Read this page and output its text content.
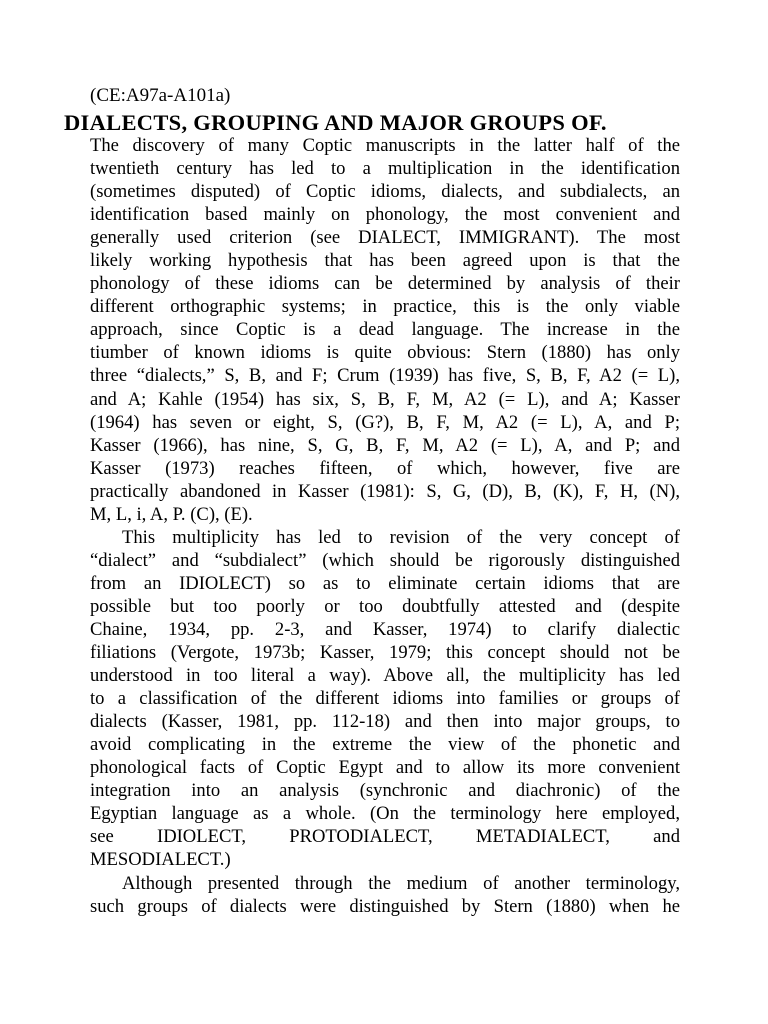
(CE:A97a-A101a)
DIALECTS, GROUPING AND MAJOR GROUPS OF.
The discovery of many Coptic manuscripts in the latter half of the
twentieth century has led to a multiplication in the identification
(sometimes disputed) of Coptic idioms, dialects, and subdialects, an
identification based mainly on phonology, the most convenient and
generally used criterion (see DIALECT, IMMIGRANT). The most
likely working hypothesis that has been agreed upon is that the
phonology of these idioms can be determined by analysis of their
different orthographic systems; in practice, this is the only viable
approach, since Coptic is a dead language. The increase in the
tiumber of known idioms is quite obvious: Stern (1880) has only
three “dialects,” S, B, and F; Crum (1939) has five, S, B, F, A2 (= L),
and A; Kahle (1954) has six, S, B, F, M, A2 (= L), and A; Kasser
(1964) has seven or eight, S, (G?), B, F, M, A2 (= L), A, and P;
Kasser (1966), has nine, S, G, B, F, M, A2 (= L), A, and P; and
Kasser (1973) reaches fifteen, of which, however, five are
practically abandoned in Kasser (1981): S, G, (D), B, (K), F, H, (N),
M, L, i, A, P. (C), (E).
This multiplicity has led to revision of the very concept of
“dialect” and “subdialect” (which should be rigorously distinguished
from an IDIOLECT) so as to eliminate certain idioms that are
possible but too poorly or too doubtfully attested and (despite
Chaine, 1934, pp. 2-3, and Kasser, 1974) to clarify dialectic
filiations (Vergote, 1973b; Kasser, 1979; this concept should not be
understood in too literal a way). Above all, the multiplicity has led
to a classification of the different idioms into families or groups of
dialects (Kasser, 1981, pp. 112-18) and then into major groups, to
avoid complicating in the extreme the view of the phonetic and
phonological facts of Coptic Egypt and to allow its more convenient
integration into an analysis (synchronic and diachronic) of the
Egyptian language as a whole. (On the terminology here employed,
see IDIOLECT, PROTODIALECT, METADIALECT, and
MESODIALECT.)
Although presented through the medium of another terminology,
such groups of dialects were distinguished by Stern (1880) when he
